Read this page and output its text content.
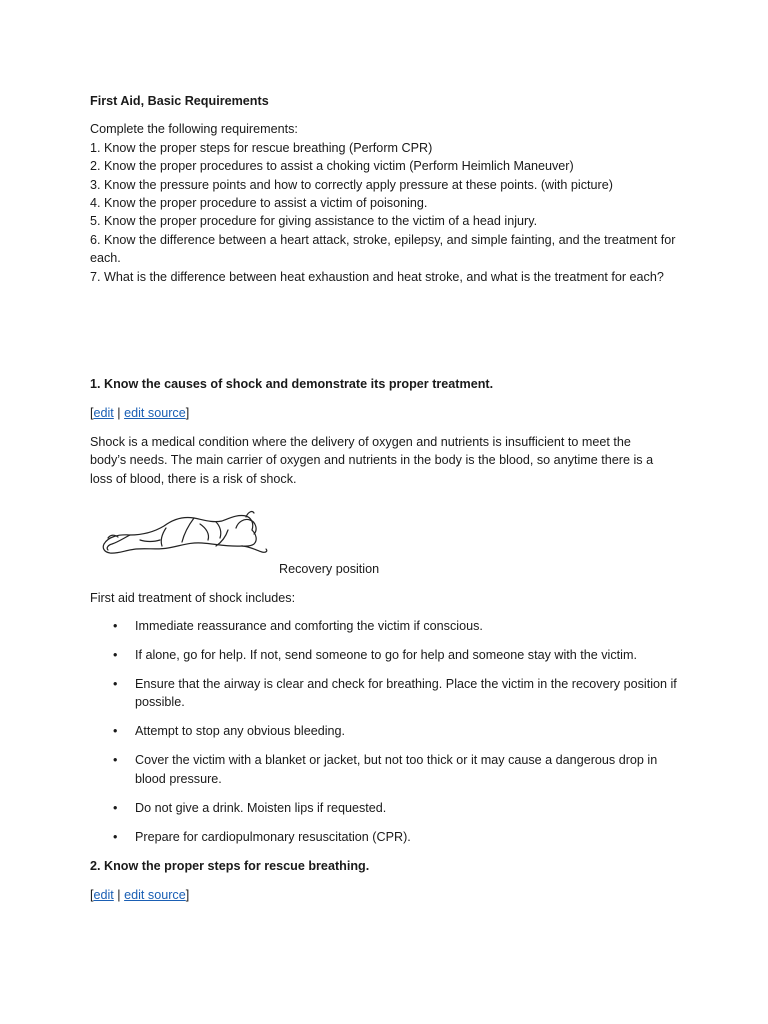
First Aid, Basic Requirements

Complete the following requirements:

1. Know the proper steps for rescue breathing (Perform CPR)

2. Know the proper procedures to assist a choking victim (Perform Heimlich Maneuver)

3. Know the pressure points and how to correctly apply pressure at these points. (with picture)

4. Know the proper procedure to assist a victim of poisoning.

5. Know the proper procedure for giving assistance to the victim of a head injury.

6. Know the difference between a heart attack, stroke, epilepsy, and simple fainting, and the treatment for each.

7. What is the difference between heat exhaustion and heat stroke, and what is the treatment for each?

1. Know the causes of shock and demonstrate its proper treatment.

[edit | edit source]

Shock is a medical condition where the delivery of oxygen and nutrients is insufficient to meet the body’s needs. The main carrier of oxygen and nutrients in the body is the blood, so anytime there is a loss of blood, there is a risk of shock.

Recovery position

First aid treatment of shock includes:

• Immediate reassurance and comforting the victim if conscious.
• If alone, go for help. If not, send someone to go for help and someone stay with the victim.
• Ensure that the airway is clear and check for breathing. Place the victim in the recovery position if possible.
• Attempt to stop any obvious bleeding.
• Cover the victim with a blanket or jacket, but not too thick or it may cause a dangerous drop in blood pressure.
• Do not give a drink. Moisten lips if requested.
• Prepare for cardiopulmonary resuscitation (CPR).

2. Know the proper steps for rescue breathing.

[edit | edit source]
